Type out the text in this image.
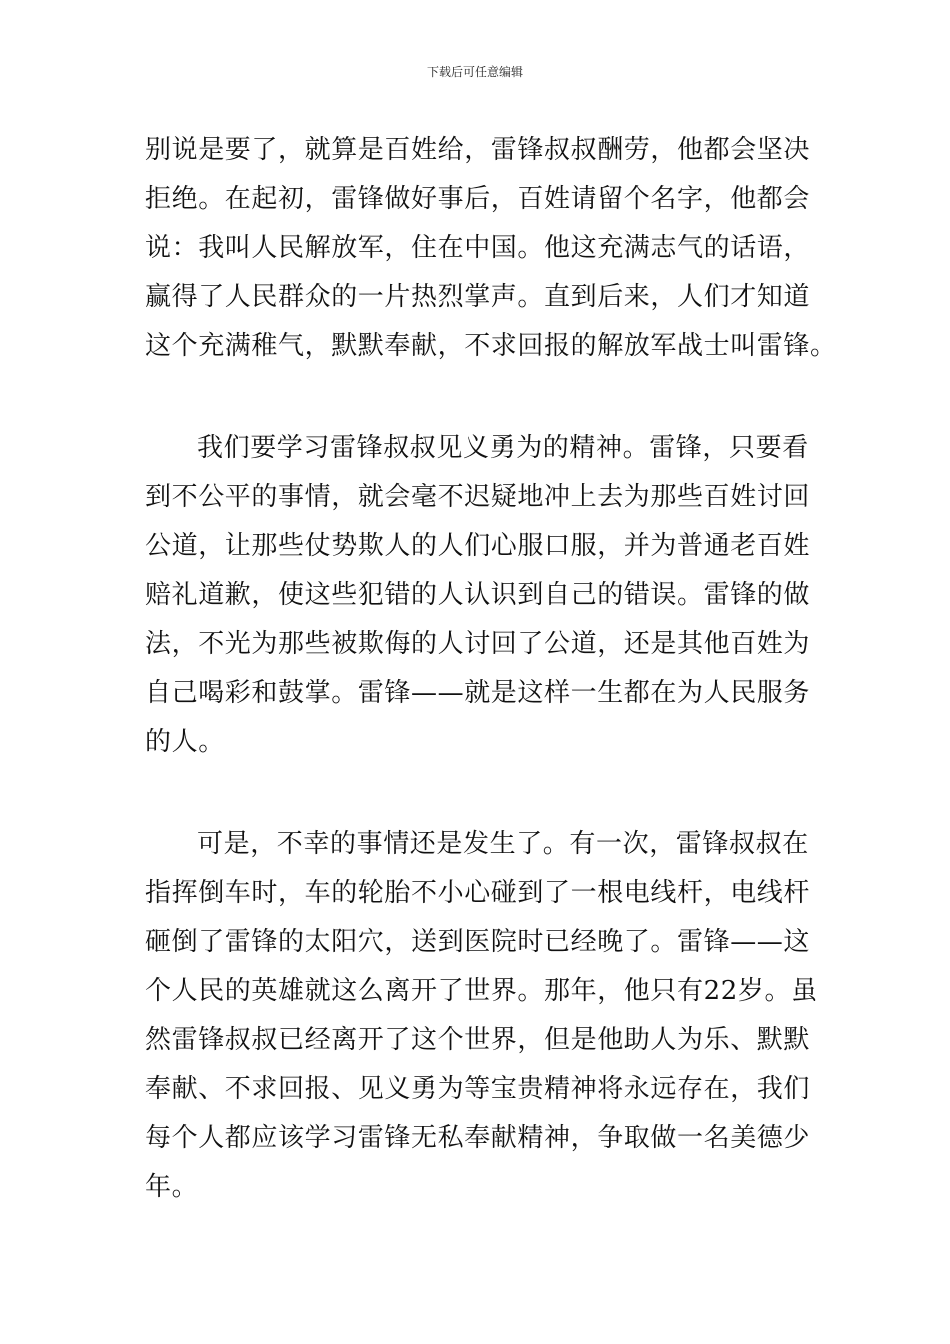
下载后可任意编辑
别说是要了，就算是百姓给，雷锋叔叔酬劳，他都会坚决
拒绝。在起初，雷锋做好事后，百姓请留个名字，他都会
说：我叫人民解放军，住在中国。他这充满志气的话语，
赢得了人民群众的一片热烈掌声。直到后来，人们才知道
这个充满稚气，默默奉献，不求回报的解放军战士叫雷锋。
我们要学习雷锋叔叔见义勇为的精神。雷锋，只要看
到不公平的事情，就会毫不迟疑地冲上去为那些百姓讨回
公道，让那些仗势欺人的人们心服口服，并为普通老百姓
赔礼道歉，使这些犯错的人认识到自己的错误。雷锋的做
法，不光为那些被欺侮的人讨回了公道，还是其他百姓为
自己喝彩和鼓掌。雷锋——就是这样一生都在为人民服务
的人。
可是，不幸的事情还是发生了。有一次，雷锋叔叔在
指挥倒车时，车的轮胎不小心碰到了一根电线杆，电线杆
砸倒了雷锋的太阳穴，送到医院时已经晚了。雷锋——这
个人民的英雄就这么离开了世界。那年，他只有22岁。虽
然雷锋叔叔已经离开了这个世界，但是他助人为乐、默默
奉献、不求回报、见义勇为等宝贵精神将永远存在，我们
每个人都应该学习雷锋无私奉献精神，争取做一名美德少
年。
